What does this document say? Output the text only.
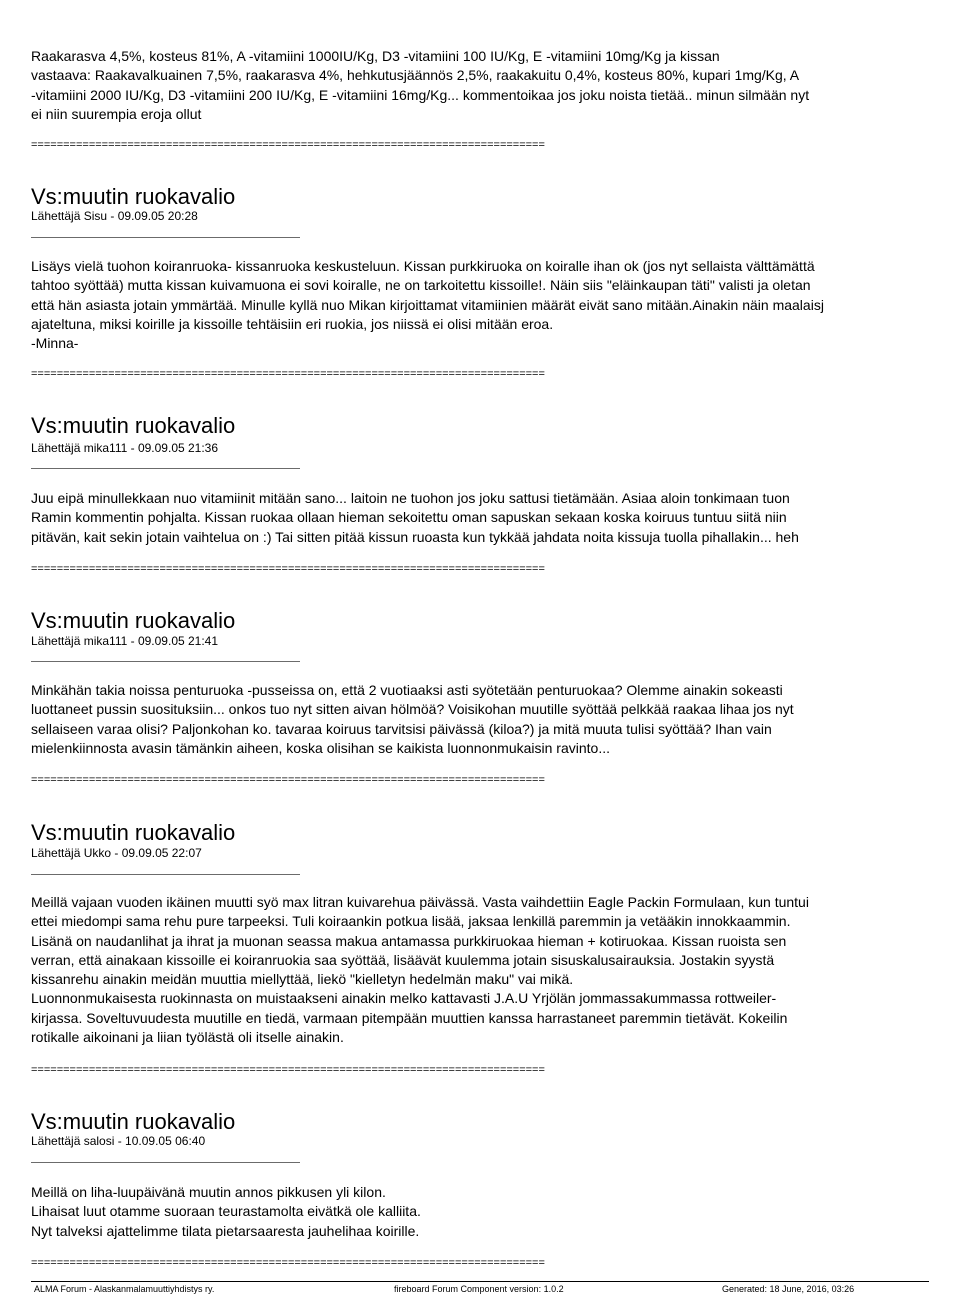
Raakarasva 4,5%, kosteus 81%, A -vitamiini 1000IU/Kg, D3 -vitamiini 100 IU/Kg, E -vitamiini 10mg/Kg ja kissan
vastaava: Raakavalkuainen 7,5%, raakarasva 4%, hehkutusjäännös 2,5%, raakakuitu 0,4%, kosteus 80%, kupari 1mg/Kg, A
-vitamiini 2000 IU/Kg, D3 -vitamiini 200 IU/Kg, E -vitamiini 16mg/Kg... kommentoikaa jos joku noista tietää.. minun silmään nyt
ei niin suurempia eroja ollut
================================================================================
Vs:muutin ruokavalio
Lähettäjä Sisu - 09.09.05 20:28
Lisäys vielä tuohon koiranruoka- kissanruoka keskusteluun. Kissan purkkiruoka on koiralle ihan ok (jos nyt sellaista välttämättä
tahtoo syöttää) mutta kissan kuivamuona ei sovi koiralle, ne on tarkoitettu kissoille!. Näin siis "eläinkaupan täti" valisti ja oletan
että hän asiasta jotain ymmärtää. Minulle kyllä nuo Mikan kirjoittamat vitamiinien määrät eivät sano mitään.Ainakin näin maalaisj
ajateltuna, miksi koirille ja kissoille tehtäisiin eri ruokia, jos niissä ei olisi mitään eroa.
-Minna-
================================================================================
Vs:muutin ruokavalio
Lähettäjä mika111 - 09.09.05 21:36
Juu eipä minullekkaan nuo vitamiinit mitään sano... laitoin ne tuohon jos joku sattusi tietämään. Asiaa aloin tonkimaan tuon
Ramin kommentin pohjalta. Kissan ruokaa ollaan hieman sekoitettu oman sapuskan sekaan koska koiruus tuntuu siitä niin
pitävän, kait sekin jotain vaihtelua on :) Tai sitten pitää kissun ruoasta kun tykkää jahdata noita kissuja tuolla pihallakin... heh
================================================================================
Vs:muutin ruokavalio
Lähettäjä mika111 - 09.09.05 21:41
Minkähän takia noissa penturuoka -pusseissa on, että 2 vuotiaaksi asti syötetään penturuokaa? Olemme ainakin sokeasti
luottaneet pussin suosituksiin... onkos tuo nyt sitten aivan hölmöä? Voisikohan muutille syöttää pelkkää raakaa lihaa jos nyt
sellaiseen varaa olisi? Paljonkohan ko. tavaraa koiruus tarvitsisi päivässä (kiloa?) ja mitä muuta tulisi syöttää? Ihan vain
mielenkiinnosta avasin tämänkin aiheen, koska olisihan se kaikista luonnonmukaisin ravinto...
================================================================================
Vs:muutin ruokavalio
Lähettäjä Ukko - 09.09.05 22:07
Meillä vajaan vuoden ikäinen muutti syö max litran kuivarehua päivässä. Vasta vaihdettiin Eagle Packin Formulaan, kun tuntui
ettei miedompi sama rehu pure tarpeeksi. Tuli koiraankin potkua lisää, jaksaa lenkillä paremmin ja vetääkin innokkaammin.
Lisänä on naudanlihat ja ihrat ja muonan seassa makua antamassa purkkiruokaa hieman + kotiruokaa. Kissan ruoista sen
verran, että ainakaan kissoille ei koiranruokia saa syöttää, lisäävät kuulemma jotain sisuskalusairauksia. Jostakin syystä
kissanrehu ainakin meidän muuttia miellyttää, liekö "kielletyn hedelmän maku" vai mikä.
Luonnonmukaisesta ruokinnasta on muistaakseni ainakin melko kattavasti J.A.U Yrjölän jommassakummassa rottweiler-
kirjassa. Soveltuvuudesta muutille en tiedä, varmaan pitempään muuttien kanssa harrastaneet paremmin tietävät. Kokeilin
rotikalle aikoinani ja liian työlästä oli itselle ainakin.
================================================================================
Vs:muutin ruokavalio
Lähettäjä salosi - 10.09.05 06:40
Meillä on liha-luupäivänä muutin annos pikkusen yli kilon.
Lihaisat luut otamme suoraan teurastamolta eivätkä ole kalliita.
Nyt talveksi ajattelimme tilata pietarsaaresta jauhelihaa koirille.
================================================================================
ALMA Forum - Alaskanmalamuuttiyhdistys ry.	fireboard Forum Component version: 1.0.2	Generated: 18 June, 2016, 03:26
